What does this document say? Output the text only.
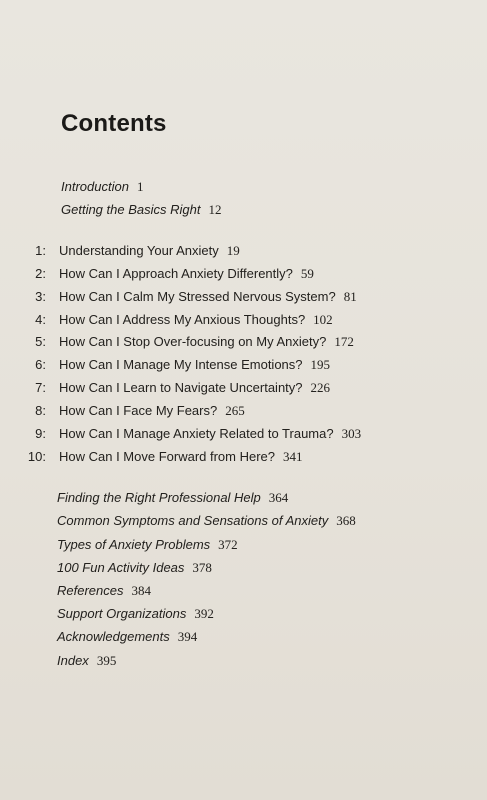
Contents
Introduction 1
Getting the Basics Right 12
1: Understanding Your Anxiety 19
2: How Can I Approach Anxiety Differently? 59
3: How Can I Calm My Stressed Nervous System? 81
4: How Can I Address My Anxious Thoughts? 102
5: How Can I Stop Over-focusing on My Anxiety? 172
6: How Can I Manage My Intense Emotions? 195
7: How Can I Learn to Navigate Uncertainty? 226
8: How Can I Face My Fears? 265
9: How Can I Manage Anxiety Related to Trauma? 303
10: How Can I Move Forward from Here? 341
Finding the Right Professional Help 364
Common Symptoms and Sensations of Anxiety 368
Types of Anxiety Problems 372
100 Fun Activity Ideas 378
References 384
Support Organizations 392
Acknowledgements 394
Index 395
